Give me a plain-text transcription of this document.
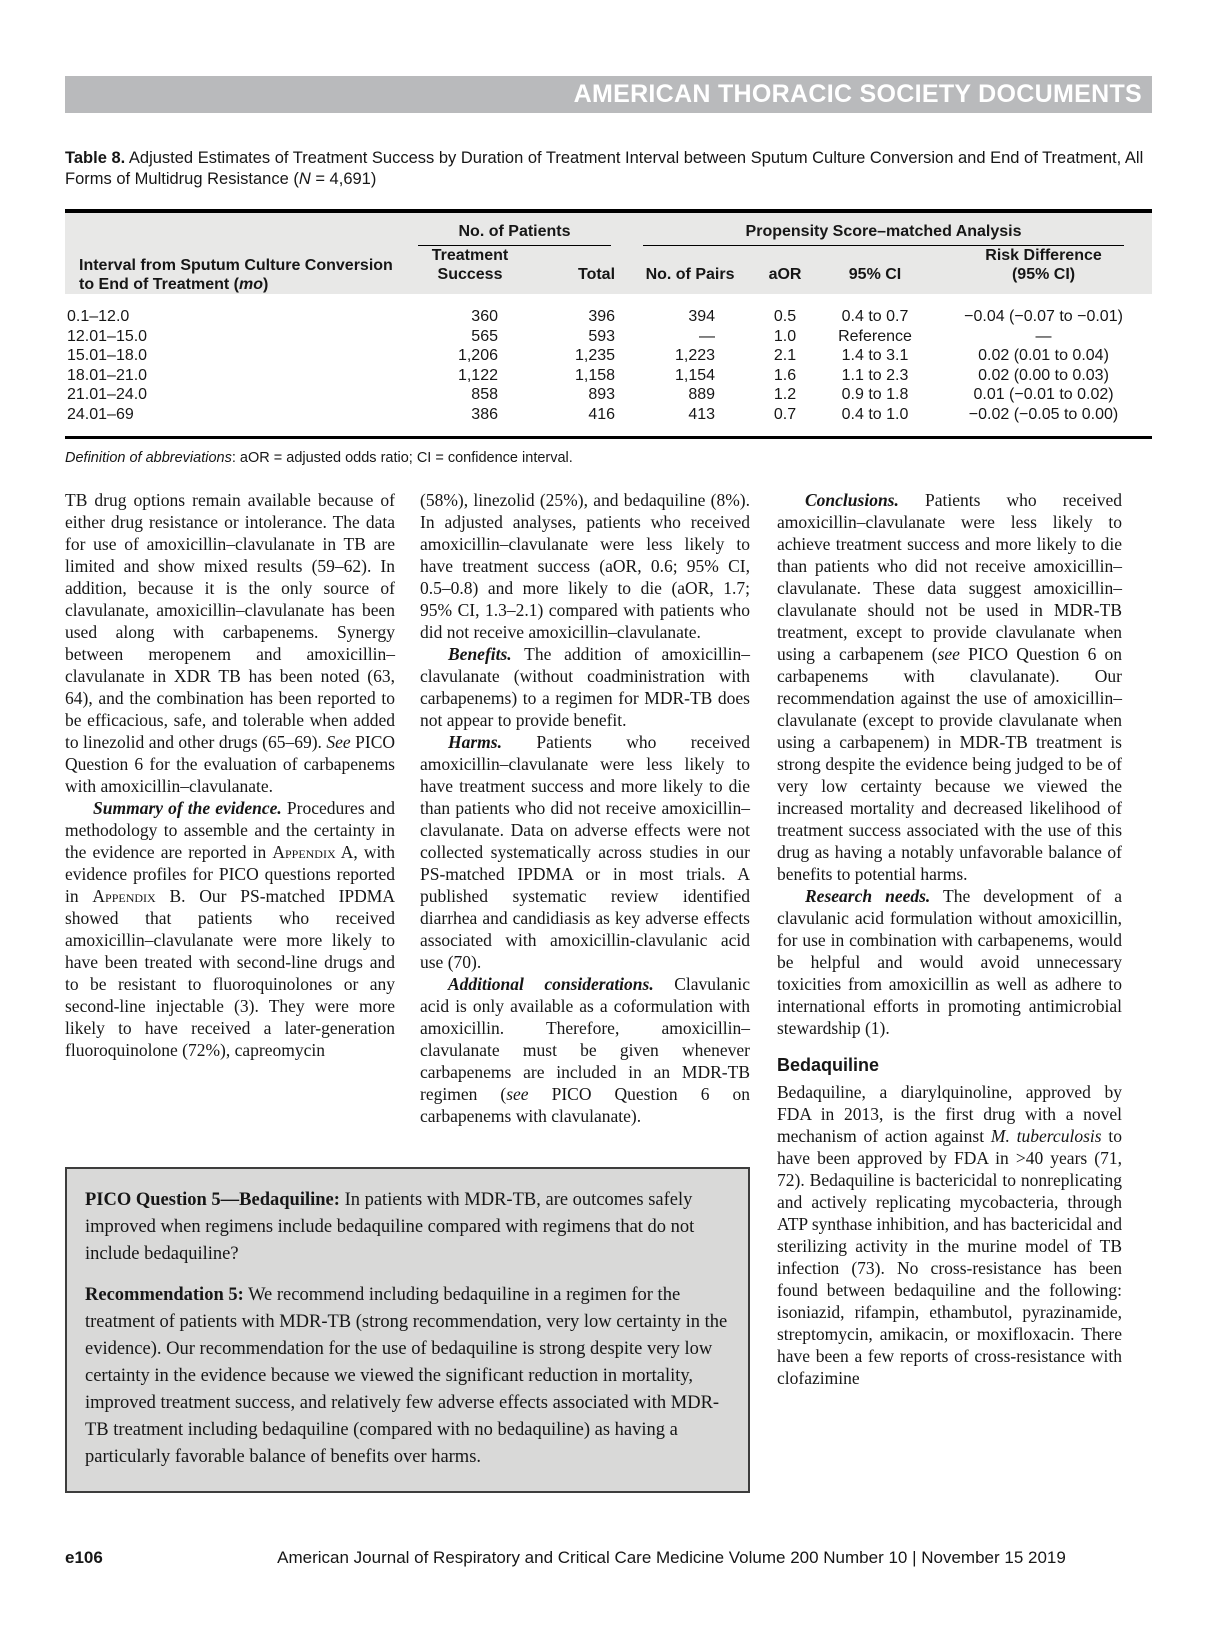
AMERICAN THORACIC SOCIETY DOCUMENTS
Table 8. Adjusted Estimates of Treatment Success by Duration of Treatment Interval between Sputum Culture Conversion and End of Treatment, All Forms of Multidrug Resistance (N = 4,691)
Interval from Sputum Culture Conversion to End of Treatment (mo)	No. of Patients		Propensity Score–matched Analysis			

	Treatment Success	Total	No. of Pairs	aOR	95% CI	Risk Difference
(95% CI)

0.1–12.0	360	396	394	0.5	0.4 to 0.7	−0.04 (−0.07 to −0.01)
12.01–15.0	565	593	—	1.0	Reference	—
15.01–18.0	1,206	1,235	1,223	2.1	1.4 to 3.1	0.02 (0.01 to 0.04)
18.01–21.0	1,122	1,158	1,154	1.6	1.1 to 2.3	0.02 (0.00 to 0.03)
21.01–24.0	858	893	889	1.2	0.9 to 1.8	0.01 (−0.01 to 0.02)
24.01–69	386	416	413	0.7	0.4 to 1.0	−0.02 (−0.05 to 0.00)
Definition of abbreviations: aOR = adjusted odds ratio; CI = confidence interval.

TB drug options remain available because of either drug resistance or intolerance. The data for use of amoxicillin–clavulanate in TB are limited and show mixed results (59–62). In addition, because it is the only source of clavulanate, amoxicillin–clavulanate has been used along with carbapenems. Synergy between meropenem and amoxicillin–clavulanate in XDR TB has been noted (63, 64), and the combination has been reported to be efficacious, safe, and tolerable when added to linezolid and other drugs (65–69). See PICO Question 6 for the evaluation of carbapenems with amoxicillin–clavulanate.

Summary of the evidence. Procedures and methodology to assemble and the certainty in the evidence are reported in Appendix A, with evidence profiles for PICO questions reported in Appendix B. Our PS-matched IPDMA showed that patients who received amoxicillin–clavulanate were more likely to have been treated with second-line drugs and to be resistant to fluoroquinolones or any second-line injectable (3). They were more likely to have received a later-generation fluoroquinolone (72%), capreomycin

(58%), linezolid (25%), and bedaquiline (8%). In adjusted analyses, patients who received amoxicillin–clavulanate were less likely to have treatment success (aOR, 0.6; 95% CI, 0.5–0.8) and more likely to die (aOR, 1.7; 95% CI, 1.3–2.1) compared with patients who did not receive amoxicillin–clavulanate.

Benefits. The addition of amoxicillin–clavulanate (without coadministration with carbapenems) to a regimen for MDR-TB does not appear to provide benefit.

Harms. Patients who received amoxicillin–clavulanate were less likely to have treatment success and more likely to die than patients who did not receive amoxicillin–clavulanate. Data on adverse effects were not collected systematically across studies in our PS-matched IPDMA or in most trials. A published systematic review identified diarrhea and candidiasis as key adverse effects associated with amoxicillin-clavulanic acid use (70).

Additional considerations. Clavulanic acid is only available as a coformulation with amoxicillin. Therefore, amoxicillin–clavulanate must be given whenever carbapenems are included in an MDR-TB regimen (see PICO Question 6 on carbapenems with clavulanate).

PICO Question 5—Bedaquiline: In patients with MDR-TB, are outcomes safely improved when regimens include bedaquiline compared with regimens that do not include bedaquiline?

Recommendation 5: We recommend including bedaquiline in a regimen for the treatment of patients with MDR-TB (strong recommendation, very low certainty in the evidence). Our recommendation for the use of bedaquiline is strong despite very low certainty in the evidence because we viewed the significant reduction in mortality, improved treatment success, and relatively few adverse effects associated with MDR-TB treatment including bedaquiline (compared with no bedaquiline) as having a particularly favorable balance of benefits over harms.

Conclusions. Patients who received amoxicillin–clavulanate were less likely to achieve treatment success and more likely to die than patients who did not receive amoxicillin–clavulanate. These data suggest amoxicillin–clavulanate should not be used in MDR-TB treatment, except to provide clavulanate when using a carbapenem (see PICO Question 6 on carbapenems with clavulanate). Our recommendation against the use of amoxicillin–clavulanate (except to provide clavulanate when using a carbapenem) in MDR-TB treatment is strong despite the evidence being judged to be of very low certainty because we viewed the increased mortality and decreased likelihood of treatment success associated with the use of this drug as having a notably unfavorable balance of benefits to potential harms.

Research needs. The development of a clavulanic acid formulation without amoxicillin, for use in combination with carbapenems, would be helpful and would avoid unnecessary toxicities from amoxicillin as well as adhere to international efforts in promoting antimicrobial stewardship (1).

Bedaquiline

Bedaquiline, a diarylquinoline, approved by FDA in 2013, is the first drug with a novel mechanism of action against M. tuberculosis to have been approved by FDA in >40 years (71, 72). Bedaquiline is bactericidal to nonreplicating and actively replicating mycobacteria, through ATP synthase inhibition, and has bactericidal and sterilizing activity in the murine model of TB infection (73). No cross-resistance has been found between bedaquiline and the following: isoniazid, rifampin, ethambutol, pyrazinamide, streptomycin, amikacin, or moxifloxacin. There have been a few reports of cross-resistance with clofazimine

e106	American Journal of Respiratory and Critical Care Medicine Volume 200 Number 10 | November 15 2019
